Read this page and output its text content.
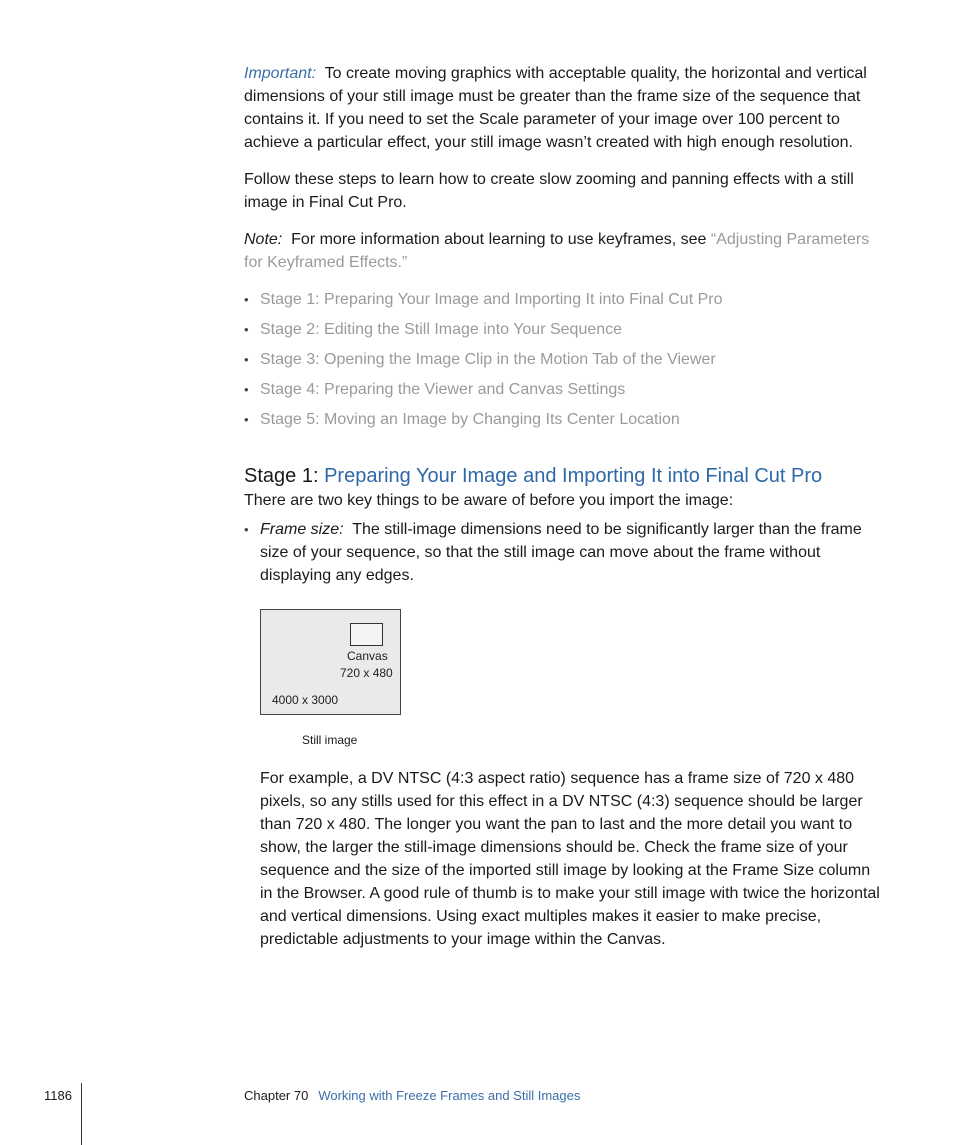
Important: To create moving graphics with acceptable quality, the horizontal and vertical dimensions of your still image must be greater than the frame size of the sequence that contains it. If you need to set the Scale parameter of your image over 100 percent to achieve a particular effect, your still image wasn’t created with high enough resolution.

Follow these steps to learn how to create slow zooming and panning effects with a still image in Final Cut Pro.

Note: For more information about learning to use keyframes, see “Adjusting Parameters for Keyframed Effects.”

• Stage 1: Preparing Your Image and Importing It into Final Cut Pro
• Stage 2: Editing the Still Image into Your Sequence
• Stage 3: Opening the Image Clip in the Motion Tab of the Viewer
• Stage 4: Preparing the Viewer and Canvas Settings
• Stage 5: Moving an Image by Changing Its Center Location
Stage 1: Preparing Your Image and Importing It into Final Cut Pro

There are two key things to be aware of before you import the image:

• Frame size: The still-image dimensions need to be significantly larger than the frame size of your sequence, so that the still image can move about the frame without displaying any edges.
Canvas
720 x 480
4000 x 3000
Still image

For example, a DV NTSC (4:3 aspect ratio) sequence has a frame size of 720 x 480 pixels, so any stills used for this effect in a DV NTSC (4:3) sequence should be larger than 720 x 480. The longer you want the pan to last and the more detail you want to show, the larger the still-image dimensions should be. Check the frame size of your sequence and the size of the imported still image by looking at the Frame Size column in the Browser. A good rule of thumb is to make your still image with twice the horizontal and vertical dimensions. Using exact multiples makes it easier to make precise, predictable adjustments to your image within the Canvas.

1186	Chapter 70 Working with Freeze Frames and Still Images
